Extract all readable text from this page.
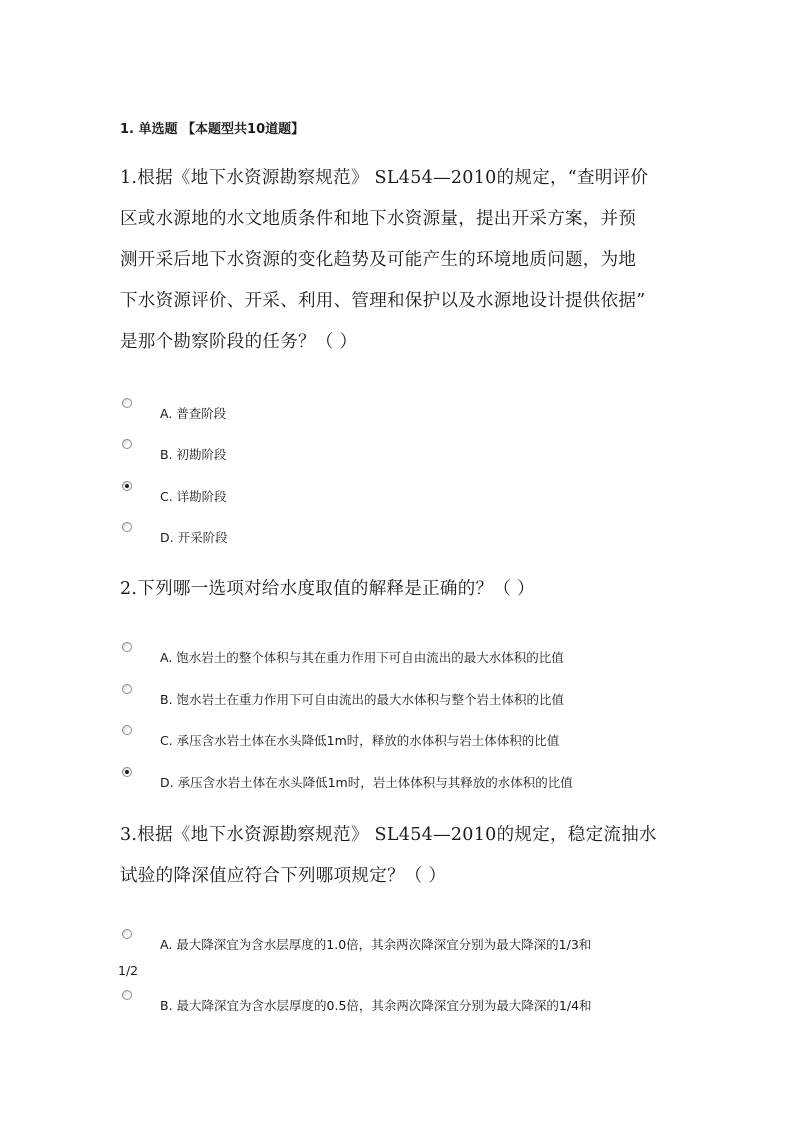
1. 单选题 【本题型共10道题】
1.根据《地下水资源勘察规范》 SL454—2010的规定，“查明评价
区或水源地的水文地质条件和地下水资源量，提出开采方案，并预
测开采后地下水资源的变化趋势及可能产生的环境地质问题，为地
下水资源评价、开采、利用、管理和保护以及水源地设计提供依据”
是那个勘察阶段的任务？（ ）
A. 普查阶段
B. 初勘阶段
C. 详勘阶段
D. 开采阶段
2.下列哪一选项对给水度取值的解释是正确的？（ ）
A. 饱水岩土的整个体积与其在重力作用下可自由流出的最大水体积的比值
B. 饱水岩土在重力作用下可自由流出的最大水体积与整个岩土体积的比值
C. 承压含水岩土体在水头降低1m时，释放的水体积与岩土体体积的比值
D. 承压含水岩土体在水头降低1m时，岩土体体积与其释放的水体积的比值
3.根据《地下水资源勘察规范》 SL454—2010的规定，稳定流抽水
试验的降深值应符合下列哪项规定？（ ）
A. 最大降深宜为含水层厚度的1.0倍，其余两次降深宜分别为最大降深的1/3和
1/2
B. 最大降深宜为含水层厚度的0.5倍，其余两次降深宜分别为最大降深的1/4和
